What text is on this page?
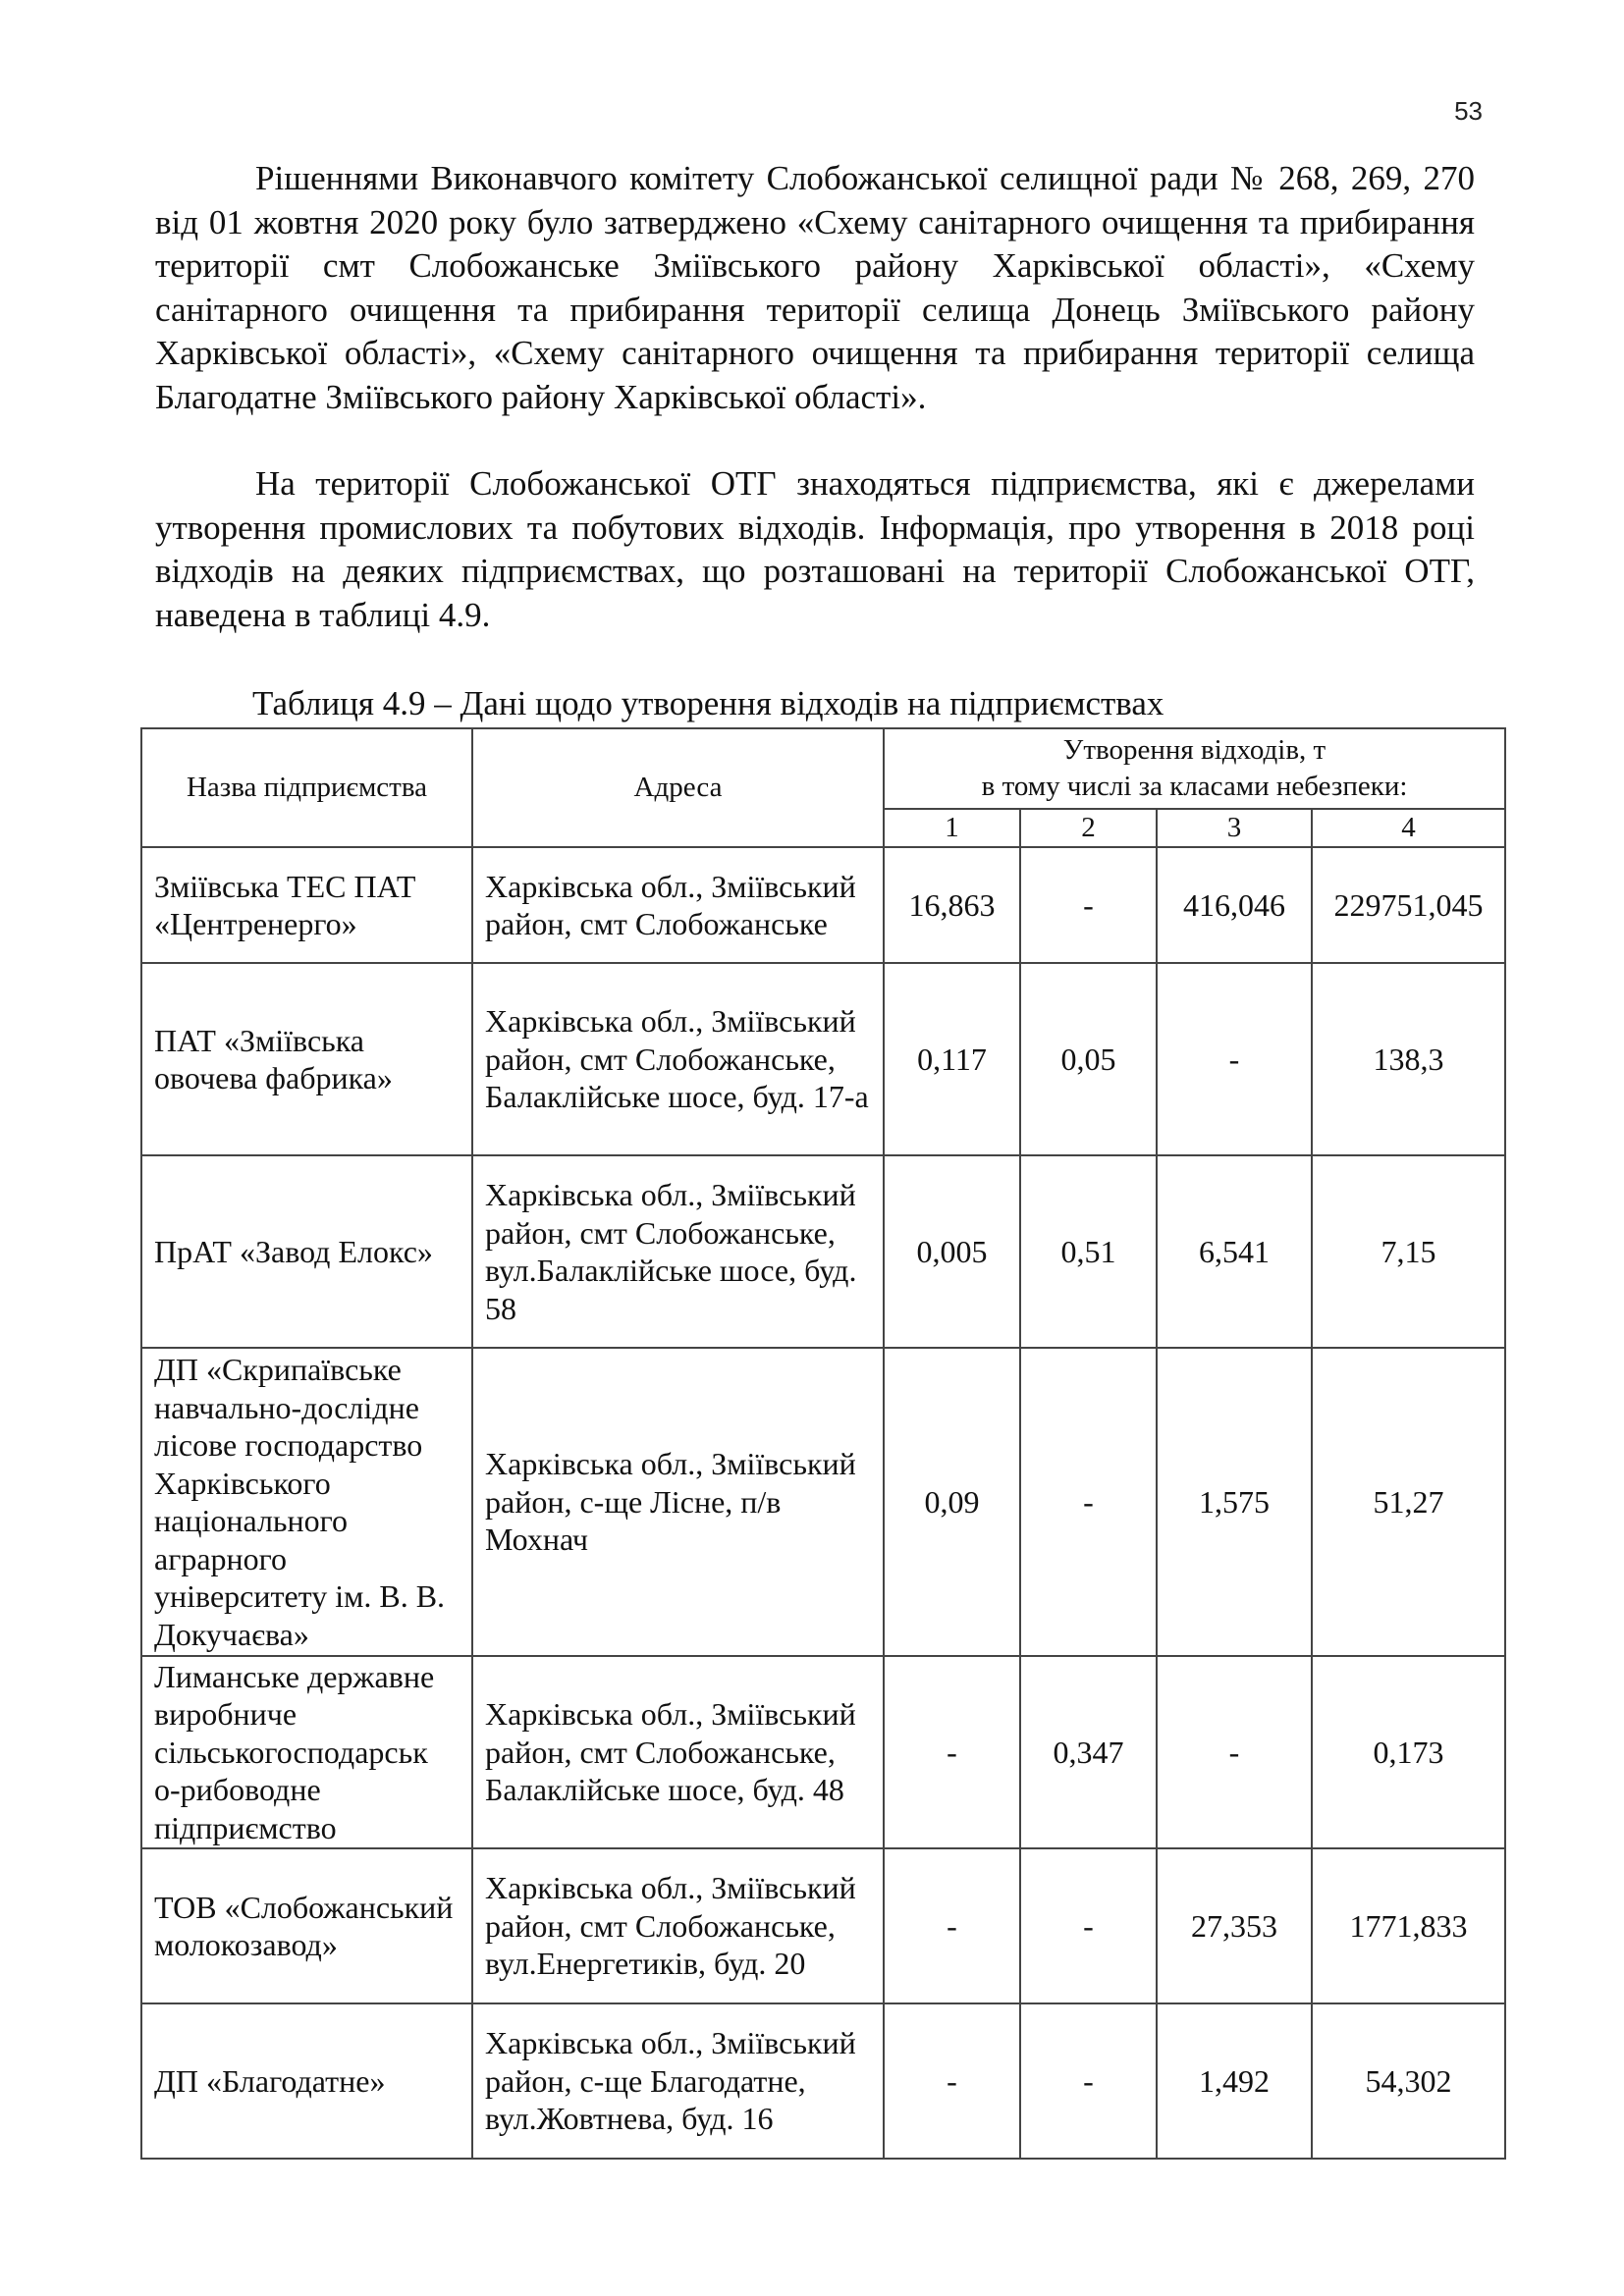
53

Рішеннями Виконавчого комітету Слобожанської селищної ради № 268, 269, 270 від 01 жовтня 2020 року було затверджено «Схему санітарного очищення та прибирання території смт Слобожанське Зміївського району Харківської області», «Схему санітарного очищення та прибирання території селища Донець Зміївського району Харківської області», «Схему санітарного очищення та прибирання території селища Благодатне Зміївського району Харківської області».

На території Слобожанської ОТГ знаходяться підприємства, які є джерелами утворення промислових та побутових відходів. Інформація, про утворення в 2018 році відходів на деяких підприємствах, що розташовані на території Слобожанської ОТГ, наведена в таблиці 4.9.

Таблиця 4.9 – Дані щодо утворення відходів на підприємствах
Назва підприємства	Адреса	Утворення відходів, т
в тому числі за класами небезпеки:			

		1	2	3	4
Зміївська ТЕС ПАТ «Центренерго»	Харківська обл., Зміївський район, смт Слобожанське	16,863	-	416,046	229751,045
ПАТ «Зміївська овочева фабрика»	Харківська обл., Зміївський район, смт Слобожанське, Балаклійське шосе, буд. 17-а	0,117	0,05	-	138,3
ПрАТ «Завод Елокс»	Харківська обл., Зміївський район, смт Слобожанське, вул.Балаклійське шосе, буд. 58	0,005	0,51	6,541	7,15
ДП «Скрипаївське навчально-дослідне лісове господарство Харківського національного аграрного університету ім. В. В. Докучаєва»	Харківська обл., Зміївський район, с-ще Лісне, п/в Мохнач	0,09	-	1,575	51,27
Лиманське державне виробниче сільськогосподарськ о-рибоводне підприємство	Харківська обл., Зміївський район, смт Слобожанське, Балаклійське шосе, буд. 48	-	0,347	-	0,173
ТОВ «Слобожанський молокозавод»	Харківська обл., Зміївський район, смт Слобожанське, вул.Енергетиків, буд. 20	-	-	27,353	1771,833
ДП «Благодатне»	Харківська обл., Зміївський район, с-ще Благодатне, вул.Жовтнева, буд. 16	-	-	1,492	54,302
